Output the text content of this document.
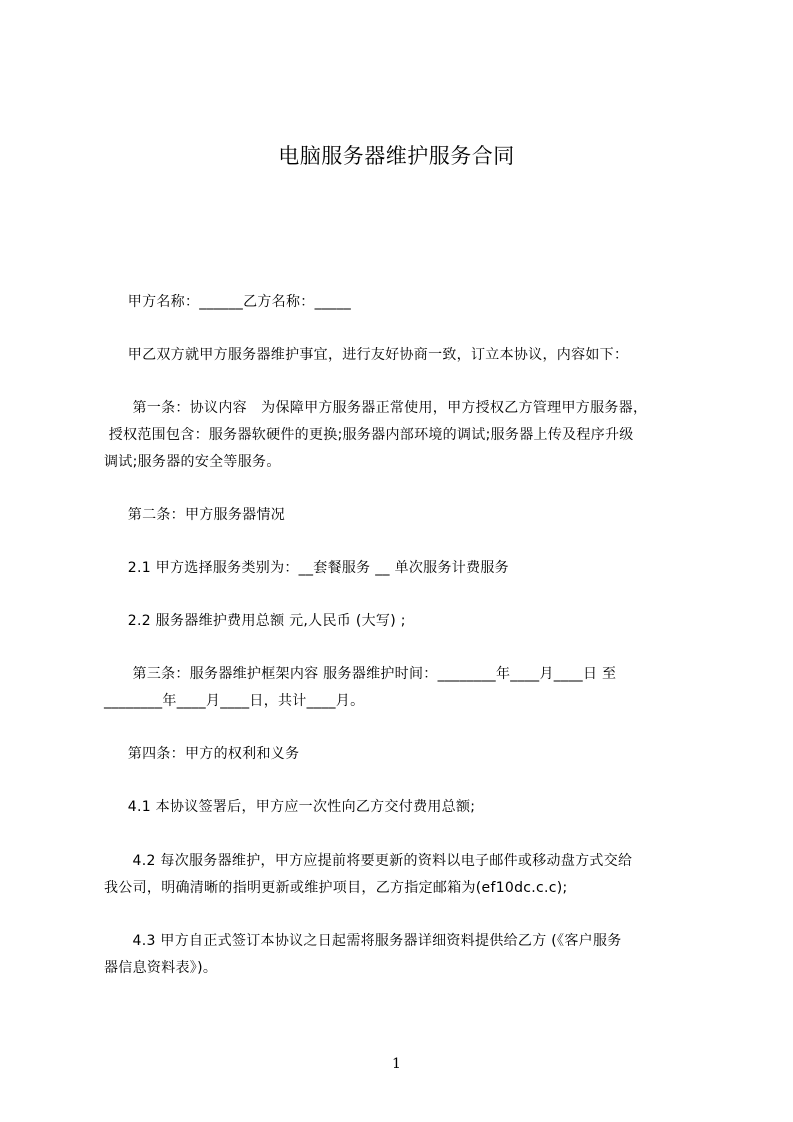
电脑服务器维护服务合同
甲方名称：______乙方名称：_____
甲乙双方就甲方服务器维护事宜，进行友好协商一致，订立本协议，内容如下：
第一条：协议内容   为保障甲方服务器正常使用，甲方授权乙方管理甲方服务器，
授权范围包含：服务器软硬件的更换;服务器内部环境的调试;服务器上传及程序升级
调试;服务器的安全等服务。
第二条：甲方服务器情况
2.1 甲方选择服务类别为：__套餐服务 __ 单次服务计费服务
2.2 服务器维护费用总额 元,人民币 (大写) ;
第三条：服务器维护框架内容 服务器维护时间：________年____月____日 至
________年____月____日，共计____月。
第四条：甲方的权利和义务
4.1 本协议签署后，甲方应一次性向乙方交付费用总额;
4.2 每次服务器维护，甲方应提前将要更新的资料以电子邮件或移动盘方式交给
我公司，明确清晰的指明更新或维护项目，乙方指定邮箱为(ef10dc.c.c);
4.3 甲方自正式签订本协议之日起需将服务器详细资料提供给乙方 (《客户服务
器信息资料表》)。
1
